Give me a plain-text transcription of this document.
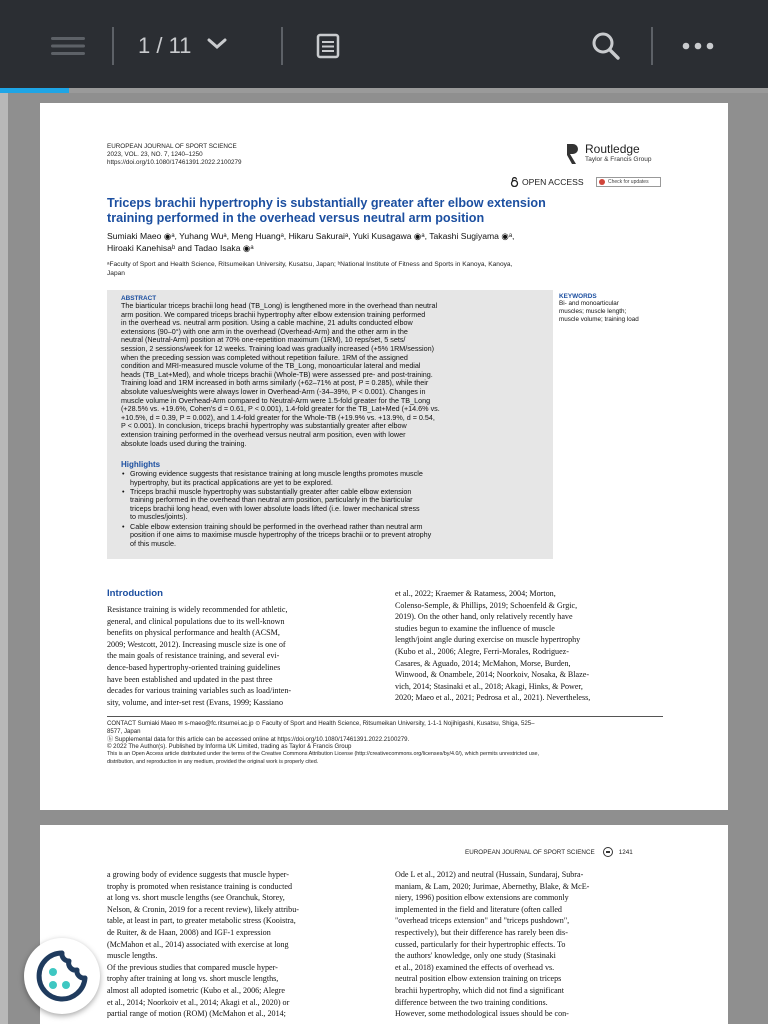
1 / 11
EUROPEAN JOURNAL OF SPORT SCIENCE
2023, VOL. 23, NO. 7, 1240–1250
https://doi.org/10.1080/17461391.2022.2100279
Routledge
Taylor & Francis Group
OPEN ACCESS	Check for updates
Triceps brachii hypertrophy is substantially greater after elbow extension
training performed in the overhead versus neutral arm position
Sumiaki Maeo ◉ᵃ, Yuhang Wuᵃ, Meng Huangᵃ, Hikaru Sakuraiᵃ, Yuki Kusagawa ◉ᵃ, Takashi Sugiyama ◉ᵃ,
Hiroaki Kanehisaᵇ and Tadao Isaka ◉ᵃ
ᵃFaculty of Sport and Health Science, Ritsumeikan University, Kusatsu, Japan; ᵇNational Institute of Fitness and Sports in Kanoya, Kanoya,
Japan
ABSTRACT
The biarticular triceps brachii long head (TB_Long) is lengthened more in the overhead than neutral
arm position. We compared triceps brachii hypertrophy after elbow extension training performed
in the overhead vs. neutral arm position. Using a cable machine, 21 adults conducted elbow
extensions (90–0°) with one arm in the overhead (Overhead-Arm) and the other arm in the
neutral (Neutral-Arm) position at 70% one-repetition maximum (1RM), 10 reps/set, 5 sets/
session, 2 sessions/week for 12 weeks. Training load was gradually increased (+5% 1RM/session)
when the preceding session was completed without repetition failure. 1RM of the assigned
condition and MRI-measured muscle volume of the TB_Long, monoarticular lateral and medial
heads (TB_Lat+Med), and whole triceps brachii (Whole-TB) were assessed pre- and post-training.
Training load and 1RM increased in both arms similarly (+62–71% at post, P = 0.285), while their
absolute values/weights were always lower in Overhead-Arm (-34–39%, P < 0.001). Changes in
muscle volume in Overhead-Arm compared to Neutral-Arm were 1.5-fold greater for the TB_Long
(+28.5% vs. +19.6%, Cohen's d = 0.61, P < 0.001), 1.4-fold greater for the TB_Lat+Med (+14.6% vs.
+10.5%, d = 0.39, P = 0.002), and 1.4-fold greater for the Whole-TB (+19.9% vs. +13.9%, d = 0.54,
P < 0.001). In conclusion, triceps brachii hypertrophy was substantially greater after elbow
extension training performed in the overhead versus neutral arm position, even with lower
absolute loads used during the training.
Highlights
• Growing evidence suggests that resistance training at long muscle lengths promotes muscle
hypertrophy, but its practical applications are yet to be explored.
• Triceps brachii muscle hypertrophy was substantially greater after cable elbow extension
training performed in the overhead than neutral arm position, particularly in the biarticular
triceps brachii long head, even with lower absolute loads lifted (i.e. lower mechanical stress
to muscles/joints).
• Cable elbow extension training should be performed in the overhead rather than neutral arm
position if one aims to maximise muscle hypertrophy of the triceps brachii or to prevent atrophy
of this muscle.
KEYWORDS
Bi- and monoarticular
muscles; muscle length;
muscle volume; training load
Introduction
Resistance training is widely recommended for athletic,
general, and clinical populations due to its well-known
benefits on physical performance and health (ACSM,
2009; Westcott, 2012). Increasing muscle size is one of
the main goals of resistance training, and several evi-
dence-based hypertrophy-oriented training guidelines
have been established and updated in the past three
decades for various training variables such as load/inten-
sity, volume, and inter-set rest (Evans, 1999; Kassiano
et al., 2022; Kraemer & Ratamess, 2004; Morton,
Colenso-Semple, & Phillips, 2019; Schoenfeld & Grgic,
2019). On the other hand, only relatively recently have
studies begun to examine the influence of muscle
length/joint angle during exercise on muscle hypertrophy
(Kubo et al., 2006; Alegre, Ferri-Morales, Rodriguez-
Casares, & Aguado, 2014; McMahon, Morse, Burden,
Winwood, & Onambele, 2014; Noorkoiv, Nosaka, & Blaze-
vich, 2014; Stasinaki et al., 2018; Akagi, Hinks, & Power,
2020; Maeo et al., 2021; Pedrosa et al., 2021). Nevertheless,
CONTACT Sumiaki Maeo ✉ s-maeo@fc.ritsumei.ac.jp ⊙ Faculty of Sport and Health Science, Ritsumeikan University, 1-1-1 Nojihigashi, Kusatsu, Shiga, 525–
8577, Japan
ⓑ Supplemental data for this article can be accessed online at https://doi.org/10.1080/17461391.2022.2100279.
© 2022 The Author(s). Published by Informa UK Limited, trading as Taylor & Francis Group
This is an Open Access article distributed under the terms of the Creative Commons Attribution License (http://creativecommons.org/licenses/by/4.0/), which permits unrestricted use,
distribution, and reproduction in any medium, provided the original work is properly cited.
EUROPEAN JOURNAL OF SPORT SCIENCE	1241
a growing body of evidence suggests that muscle hyper-
trophy is promoted when resistance training is conducted
at long vs. short muscle lengths (see Oranchuk, Storey,
Nelson, & Cronin, 2019 for a recent review), likely attribu-
table, at least in part, to greater metabolic stress (Kooistra,
de Ruiter, & de Haan, 2008) and IGF-1 expression
(McMahon et al., 2014) associated with exercise at long
muscle lengths.
Of the previous studies that compared muscle hyper-
trophy after training at long vs. short muscle lengths,
almost all adopted isometric (Kubo et al., 2006; Alegre
et al., 2014; Noorkoiv et al., 2014; Akagi et al., 2020) or
partial range of motion (ROM) (McMahon et al., 2014;
Ode L et al., 2012) and neutral (Hussain, Sundaraj, Subra-
maniam, & Lam, 2020; Jurimae, Abernethy, Blake, & McE-
niery, 1996) position elbow extensions are commonly
implemented in the field and literature (often called
"overhead triceps extension" and "triceps pushdown",
respectively), but their difference has rarely been dis-
cussed, particularly for their hypertrophic effects. To
the authors' knowledge, only one study (Stasinaki
et al., 2018) examined the effects of overhead vs.
neutral position elbow extension training on triceps
brachii hypertrophy, which did not find a significant
difference between the two training conditions.
However, some methodological issues should be con-
